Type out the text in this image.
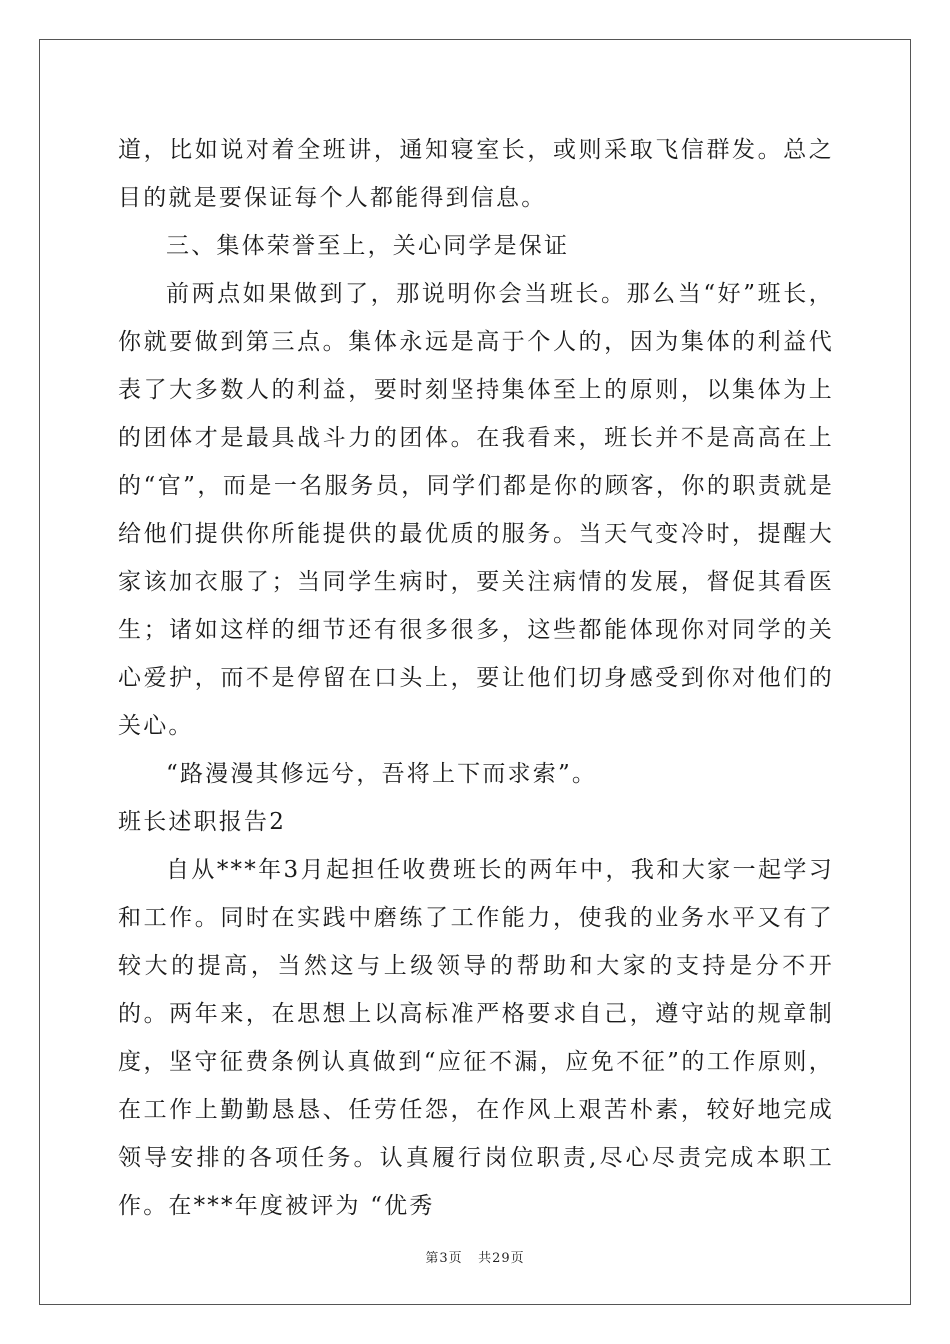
道，比如说对着全班讲，通知寝室长，或则采取飞信群发。总之目的就是要保证每个人都能得到信息。

三、集体荣誉至上，关心同学是保证

前两点如果做到了，那说明你会当班长。那么当“好”班长，你就要做到第三点。集体永远是高于个人的，因为集体的利益代表了大多数人的利益，要时刻坚持集体至上的原则，以集体为上的团体才是最具战斗力的团体。在我看来，班长并不是高高在上的“官”，而是一名服务员，同学们都是你的顾客，你的职责就是给他们提供你所能提供的最优质的服务。当天气变冷时，提醒大家该加衣服了；当同学生病时，要关注病情的发展，督促其看医生；诸如这样的细节还有很多很多，这些都能体现你对同学的关心爱护，而不是停留在口头上，要让他们切身感受到你对他们的关心。

“路漫漫其修远兮，吾将上下而求索”。

班长述职报告2

自从***年3月起担任收费班长的两年中，我和大家一起学习和工作。同时在实践中磨练了工作能力，使我的业务水平又有了较大的提高，当然这与上级领导的帮助和大家的支持是分不开的。两年来，在思想上以高标准严格要求自己，遵守站的规章制度，坚守征费条例认真做到“应征不漏，应免不征”的工作原则，在工作上勤勤恳恳、任劳任怨，在作风上艰苦朴素，较好地完成领导安排的各项任务。认真履行岗位职责,尽心尽责完成本职工作。在***年度被评为 “优秀

第3页 共29页
